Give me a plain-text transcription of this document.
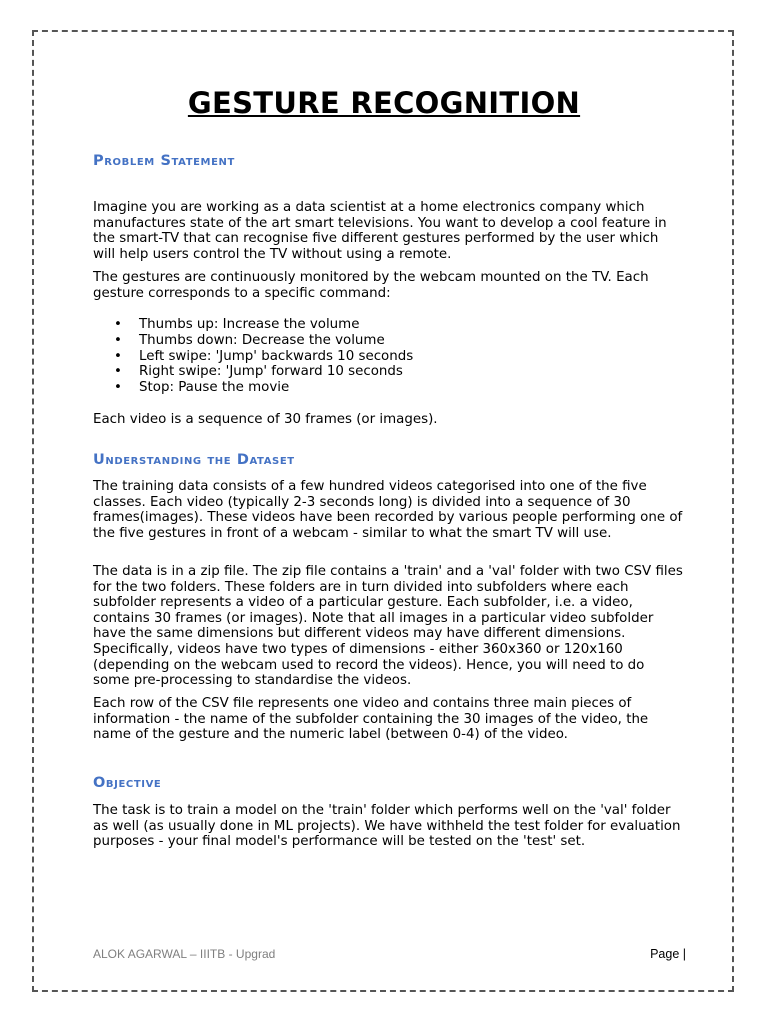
GESTURE RECOGNITION
Problem Statement

Imagine you are working as a data scientist at a home electronics company which manufactures state of the art smart televisions. You want to develop a cool feature in the smart-TV that can recognise five different gestures performed by the user which will help users control the TV without using a remote.

The gestures are continuously monitored by the webcam mounted on the TV. Each gesture corresponds to a specific command:

• Thumbs up: Increase the volume
• Thumbs down: Decrease the volume
• Left swipe: 'Jump' backwards 10 seconds
• Right swipe: 'Jump' forward 10 seconds
• Stop: Pause the movie

Each video is a sequence of 30 frames (or images).

Understanding the Dataset

The training data consists of a few hundred videos categorised into one of the five classes. Each video (typically 2-3 seconds long) is divided into a sequence of 30 frames(images). These videos have been recorded by various people performing one of the five gestures in front of a webcam - similar to what the smart TV will use.

The data is in a zip file. The zip file contains a 'train' and a 'val' folder with two CSV files for the two folders. These folders are in turn divided into subfolders where each subfolder represents a video of a particular gesture. Each subfolder, i.e. a video, contains 30 frames (or images). Note that all images in a particular video subfolder have the same dimensions but different videos may have different dimensions. Specifically, videos have two types of dimensions - either 360x360 or 120x160 (depending on the webcam used to record the videos). Hence, you will need to do some pre-processing to standardise the videos.

Each row of the CSV file represents one video and contains three main pieces of information - the name of the subfolder containing the 30 images of the video, the name of the gesture and the numeric label (between 0-4) of the video.

Objective

The task is to train a model on the 'train' folder which performs well on the 'val' folder as well (as usually done in ML projects). We have withheld the test folder for evaluation purposes - your final model's performance will be tested on the 'test' set.

ALOK AGARWAL – IIITB - Upgrad	Page |
